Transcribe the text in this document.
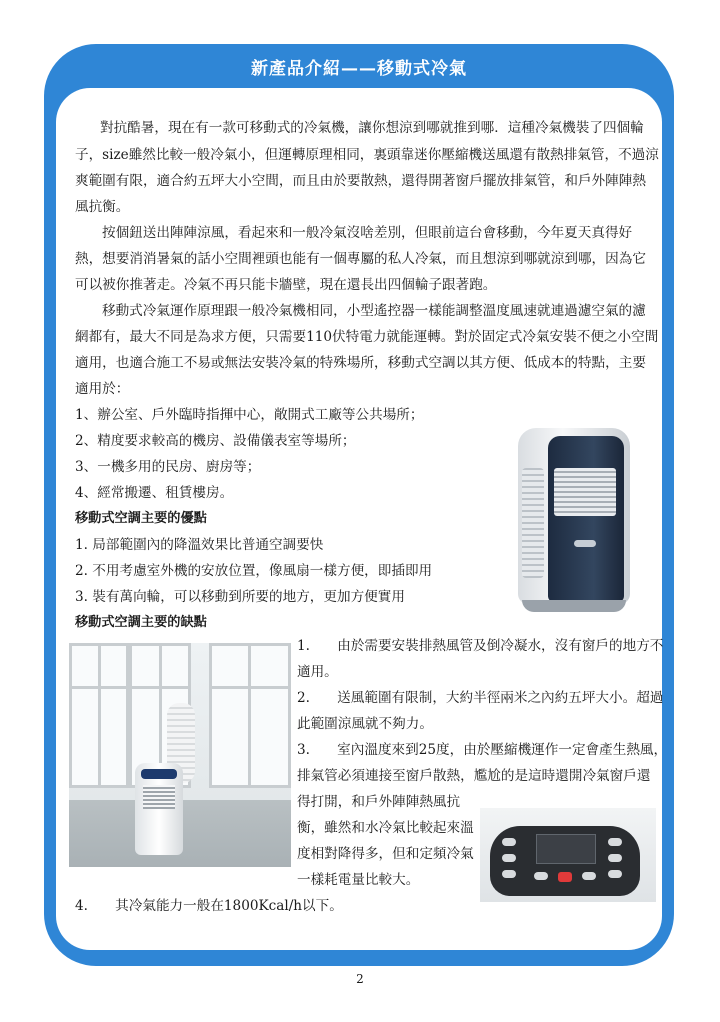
新產品介紹——移動式冷氣
對抗酷暑，現在有一款可移動式的冷氣機，讓你想涼到哪就推到哪．這種冷氣機裝了四個輪
子，size雖然比較一般冷氣小，但運轉原理相同，裏頭靠迷你壓縮機送風還有散熱排氣管，不過涼
爽範圍有限，適合約五坪大小空間，而且由於要散熱，還得開著窗戶擺放排氣管，和戶外陣陣熱
風抗衡。
按個鈕送出陣陣涼風，看起來和一般冷氣沒啥差別，但眼前這台會移動，今年夏天真得好
熱，想要消消暑氣的話小空間裡頭也能有一個專屬的私人冷氣，而且想涼到哪就涼到哪，因為它
可以被你推著走。冷氣不再只能卡牆壁，現在還長出四個輪子跟著跑。
移動式冷氣運作原理跟一般冷氣機相同，小型遙控器一樣能調整溫度風速就連過濾空氣的濾
網都有，最大不同是為求方便，只需要110伏特電力就能運轉。對於固定式冷氣安裝不便之小空間
適用，也適合施工不易或無法安裝冷氣的特殊場所，移動式空調以其方便、低成本的特點，主要
適用於：
1、辦公室、戶外臨時指揮中心，敞開式工廠等公共場所；
2、精度要求較高的機房、設備儀表室等場所；
3、一機多用的民房、廚房等；
4、經常搬遷、租賃樓房。
移動式空調主要的優點
1. 局部範圍內的降溫效果比普通空調要快
2. 不用考慮室外機的安放位置，像風扇一樣方便，即插即用
3. 裝有萬向輪，可以移動到所要的地方，更加方便實用
移動式空調主要的缺點
1.　　由於需要安裝排熱風管及倒冷凝水，沒有窗戶的地方不
適用。
2.　　送風範圍有限制，大約半徑兩米之內約五坪大小。超過
此範圍涼風就不夠力。
3.　　室內溫度來到25度，由於壓縮機運作一定會產生熱風，
排氣管必須連接至窗戶散熱，尷尬的是這時還開冷氣窗戶還
得打開，和戶外陣陣熱風抗
衡，雖然和水冷氣比較起來溫
度相對降得多，但和定頻冷氣
一樣耗電量比較大。
4.　　其冷氣能力一般在1800Kcal/h以下。
2
